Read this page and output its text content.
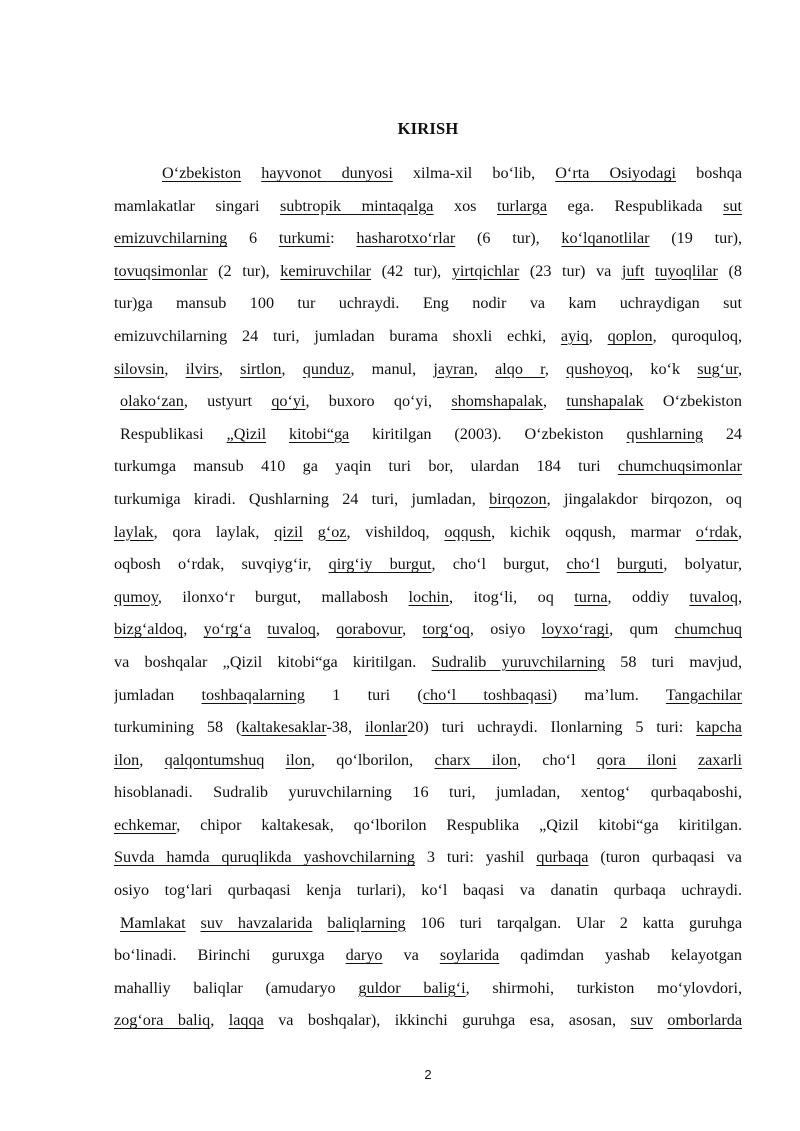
KIRISH
O‘zbekiston hayvonot dunyosi xilma-xil bo‘lib, O‘rta Osiyodagi boshqa
mamlakatlar singari subtropik mintaqalga xos turlarga ega. Respublikada sut
emizuvchilarning 6 turkumi: hasharotxo‘rlar (6 tur), ko‘lqanotlilar (19 tur),
tovuqsimonlar (2 tur), kemiruvchilar (42 tur), yirtqichlar (23 tur) va juft tuyoqlilar (8
tur)ga mansub 100 tur uchraydi. Eng nodir va kam uchraydigan sut
emizuvchilarning 24 turi, jumladan burama shoxli echki, ayiq, qoplon, quroquloq,
silovsin, ilvirs, sirtlon, qunduz, manul, jayran, alqo r, qushoyoq, ko‘k sug‘ur,
olako‘zan, ustyurt qo‘yi, buxoro qo‘yi, shomshapalak, tunshapalak O‘zbekiston
Respublikasi „Qizil kitobi“ga kiritilgan (2003). O‘zbekiston qushlarning 24
turkumga mansub 410 ga yaqin turi bor, ulardan 184 turi chumchuqsimonlar
turkumiga kiradi. Qushlarning 24 turi, jumladan, birqozon, jingalakdor birqozon, oq
laylak, qora laylak, qizil g‘oz, vishildoq, oqqush, kichik oqqush, marmar o‘rdak,
oqbosh o‘rdak, suvqiyg‘ir, qirg‘iy burgut, cho‘l burgut, cho‘l burguti, bolyatur,
qumoy, ilonxo‘r burgut, mallabosh lochin, itog‘li, oq turna, oddiy tuvaloq,
bizg‘aldoq, yo‘rg‘a tuvaloq, qorabovur, torg‘oq, osiyo loyxo‘ragi, qum chumchuq
va boshqalar „Qizil kitobi“ga kiritilgan. Sudralib yuruvchilarning 58 turi mavjud,
jumladan toshbaqalarning 1 turi (cho‘l toshbaqasi) ma’lum. Tangachilar
turkumining 58 (kaltakesaklar-38, ilonlar20) turi uchraydi. Ilonlarning 5 turi: kapcha
ilon, qalqontumshuq ilon, qo‘lborilon, charx ilon, cho‘l qora iloni zaxarli
hisoblanadi. Sudralib yuruvchilarning 16 turi, jumladan, xentog‘ qurbaqaboshi,
echkemar, chipor kaltakesak, qo‘lborilon Respublika „Qizil kitobi“ga kiritilgan.
Suvda hamda quruqlikda yashovchilarning 3 turi: yashil qurbaqa (turon qurbaqasi va
osiyo tog‘lari qurbaqasi kenja turlari), ko‘l baqasi va danatin qurbaqa uchraydi.
Mamlakat suv havzalarida baliqlarning 106 turi tarqalgan. Ular 2 katta guruhga
bo‘linadi. Birinchi guruxga daryo va soylarida qadimdan yashab kelayotgan
mahalliy baliqlar (amudaryo guldor balig‘i, shirmohi, turkiston mo‘ylovdori,
zog‘ora baliq, laqqa va boshqalar), ikkinchi guruhga esa, asosan, suv omborlarda
2
